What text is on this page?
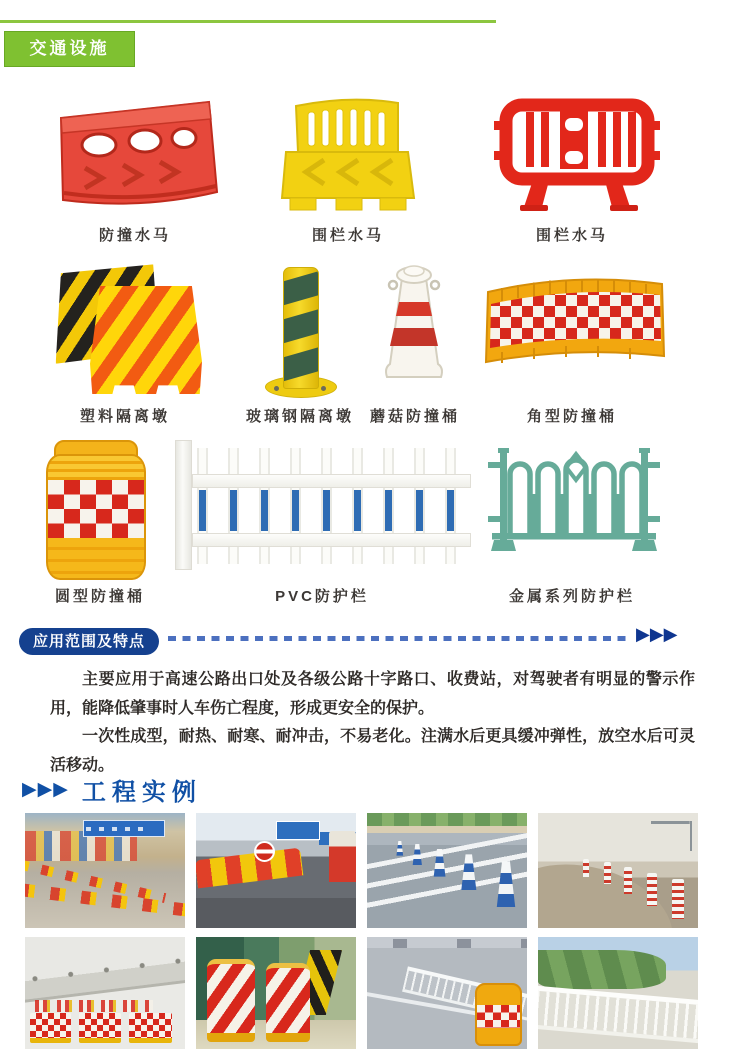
交通设施
防撞水马	围栏水马	围栏水马
塑料隔离墩	玻璃钢隔离墩	蘑菇防撞桶	角型防撞桶
圆型防撞桶	PVC防护栏	金属系列防护栏
应用范围及特点	▶▶▶

主要应用于高速公路出口处及各级公路十字路口、收费站，对驾驶者有明显的警示作用，能降低肇事时人车伤亡程度，形成更安全的保护。

一次性成型，耐热、耐寒、耐冲击，不易老化。注满水后更具缓冲弹性，放空水后可灵活移动。

▶▶▶ 工程实例
